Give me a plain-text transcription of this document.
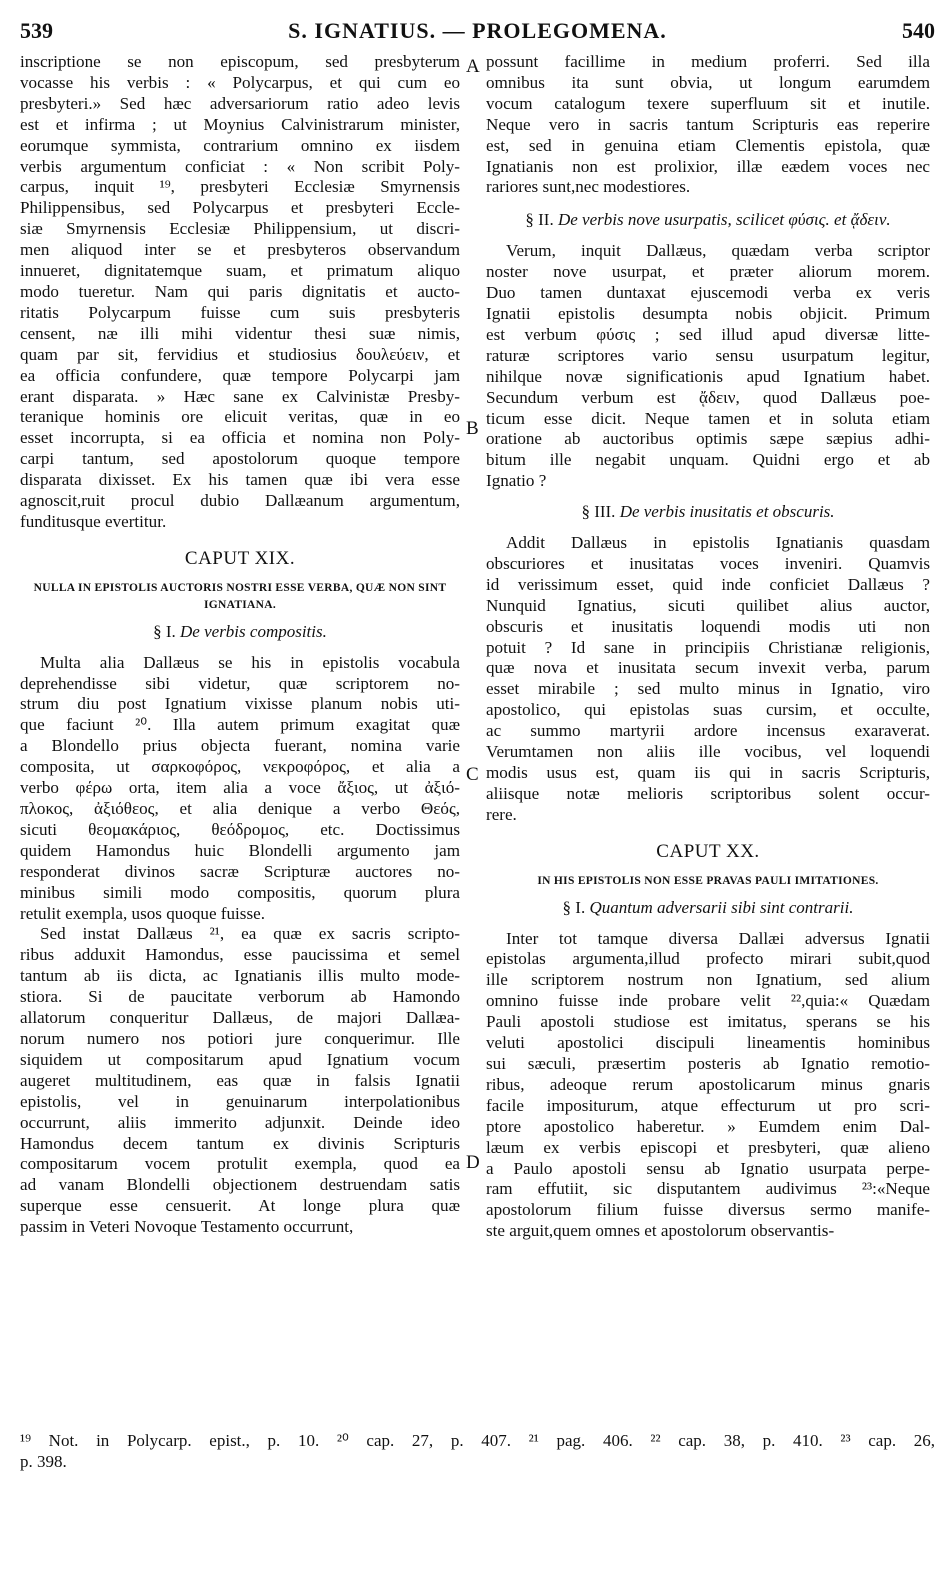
539	S. IGNATIUS. — PROLEGOMENA.	540

inscriptione se non episcopum, sed presbyterum
vocasse his verbis : « Polycarpus, et qui cum eo
presbyteri.» Sed hæc adversariorum ratio adeo levis
est et infirma ; ut Moynius Calvinistrarum minister,
eorumque symmista, contrarium omnino ex iisdem
verbis argumentum conficiat : « Non scribit Poly-
carpus, inquit ¹⁹, presbyteri Ecclesiæ Smyrnensis
Philippensibus, sed Polycarpus et presbyteri Eccle-
siæ Smyrnensis Ecclesiæ Philippensium, ut discri-
men aliquod inter se et presbyteros observandum
innueret, dignitatemque suam, et primatum aliquo
modo tueretur. Nam qui paris dignitatis et aucto-
ritatis Polycarpum fuisse cum suis presbyteris
censent, næ illi mihi videntur thesi suæ nimis,
quam par sit, fervidius et studiosius δουλεύειν, et
ea officia confundere, quæ tempore Polycarpi jam
erant disparata. » Hæc sane ex Calvinistæ Presby-
teranique hominis ore elicuit veritas, quæ in eo
esset incorrupta, si ea officia et nomina non Poly-
carpi tantum, sed apostolorum quoque tempore
disparata dixisset. Ex his tamen quæ ibi vera esse
agnoscit,ruit procul dubio Dallæanum argumentum,
funditusque evertitur.

CAPUT XIX.
NULLA IN EPISTOLIS AUCTORIS NOSTRI ESSE VERBA, QUÆ NON SINT IGNATIANA.
§ I. De verbis compositis.

Multa alia Dallæus se his in epistolis vocabula
deprehendisse sibi videtur, quæ scriptorem no-
strum diu post Ignatium vixisse planum nobis uti-
que faciunt ²⁰. Illa autem primum exagitat quæ
a Blondello prius objecta fuerant, nomina varie
composita, ut σαρκοφόρος, νεκροφόρος, et alia a
verbo φέρω orta, item alia a voce ἄξιος, ut ἀξιό-
πλοκος, ἀξιόθεος, et alia denique a verbo Θεός,
sicuti θεομακάριος, θεόδρομος, etc. Doctissimus
quidem Hamondus huic Blondelli argumento jam
responderat divinos sacræ Scripturæ auctores no-
minibus simili modo compositis, quorum plura
retulit exempla, usos quoque fuisse.

Sed instat Dallæus ²¹, ea quæ ex sacris scripto-
ribus adduxit Hamondus, esse paucissima et semel
tantum ab iis dicta, ac Ignatianis illis multo mode-
stiora. Si de paucitate verborum ab Hamondo
allatorum conqueritur Dallæus, de majori Dallæa-
norum numero nos potiori jure conquerimur. Ille
siquidem ut compositarum apud Ignatium vocum
augeret multitudinem, eas quæ in falsis Ignatii
epistolis, vel in genuinarum interpolationibus
occurrunt, aliis immerito adjunxit. Deinde ideo
Hamondus decem tantum ex divinis Scripturis
compositarum vocem protulit exempla, quod ea
ad vanam Blondelli objectionem destruendam satis
superque esse censuerit. At longe plura quæ
passim in Veteri Novoque Testamento occurrunt,

possunt facillime in medium proferri. Sed illa
omnibus ita sunt obvia, ut longum earumdem
vocum catalogum texere superfluum sit et inutile.
Neque vero in sacris tantum Scripturis eas reperire
est, sed in genuina etiam Clementis epistola, quæ
Ignatianis non est prolixior, illæ eædem voces nec
rariores sunt,nec modestiores.

§ II. De verbis nove usurpatis, scilicet φύσις. et ᾄδειν.

Verum, inquit Dallæus, quædam verba scriptor
noster nove usurpat, et præter aliorum morem.
Duo tamen duntaxat ejuscemodi verba ex veris
Ignatii epistolis desumpta nobis objicit. Primum
est verbum φύσις ; sed illud apud diversæ litte-
raturæ scriptores vario sensu usurpatum legitur,
nihilque novæ significationis apud Ignatium habet.
Secundum verbum est ᾄδειν, quod Dallæus poe-
ticum esse dicit. Neque tamen et in soluta etiam
oratione ab auctoribus optimis sæpe sæpius adhi-
bitum ille negabit unquam. Quidni ergo et ab
Ignatio ?

§ III. De verbis inusitatis et obscuris.

Addit Dallæus in epistolis Ignatianis quasdam
obscuriores et inusitatas voces inveniri. Quamvis
id verissimum esset, quid inde conficiet Dallæus ?
Nunquid Ignatius, sicuti quilibet alius auctor,
obscuris et inusitatis loquendi modis uti non
potuit ? Id sane in principiis Christianæ religionis,
quæ nova et inusitata secum invexit verba, parum
esset mirabile ; sed multo minus in Ignatio, viro
apostolico, qui epistolas suas cursim, et occulte,
ac summo martyrii ardore incensus exaraverat.
Verumtamen non aliis ille vocibus, vel loquendi
modis usus est, quam iis qui in sacris Scripturis,
aliisque notæ melioris scriptoribus solent occur-
rere.

CAPUT XX.
IN HIS EPISTOLIS NON ESSE PRAVAS PAULI IMITATIONES.
§ I. Quantum adversarii sibi sint contrarii.

Inter tot tamque diversa Dallæi adversus Ignatii
epistolas argumenta,illud profecto mirari subit,quod
ille scriptorem nostrum non Ignatium, sed alium
omnino fuisse inde probare velit ²²,quia:« Quædam
Pauli apostoli studiose est imitatus, sperans se his
veluti apostolici discipuli lineamentis hominibus
sui sæculi, præsertim posteris ab Ignatio remotio-
ribus, adeoque rerum apostolicarum minus gnaris
facile impositurum, atque effecturum ut pro scri-
ptore apostolico haberetur. » Eumdem enim Dal-
læum ex verbis episcopi et presbyteri, quæ alieno
a Paulo apostoli sensu ab Ignatio usurpata perpe-
ram effutiit, sic disputantem audivimus ²³:«Neque
apostolorum filium fuisse diversus sermo manife-
ste arguit,quem omnes et apostolorum observantis-

A
B
C
D
¹⁹ Not. in Polycarp. epist., p. 10. ²⁰ cap. 27, p. 407. ²¹ pag. 406. ²² cap. 38, p. 410. ²³ cap. 26,
p. 398.
